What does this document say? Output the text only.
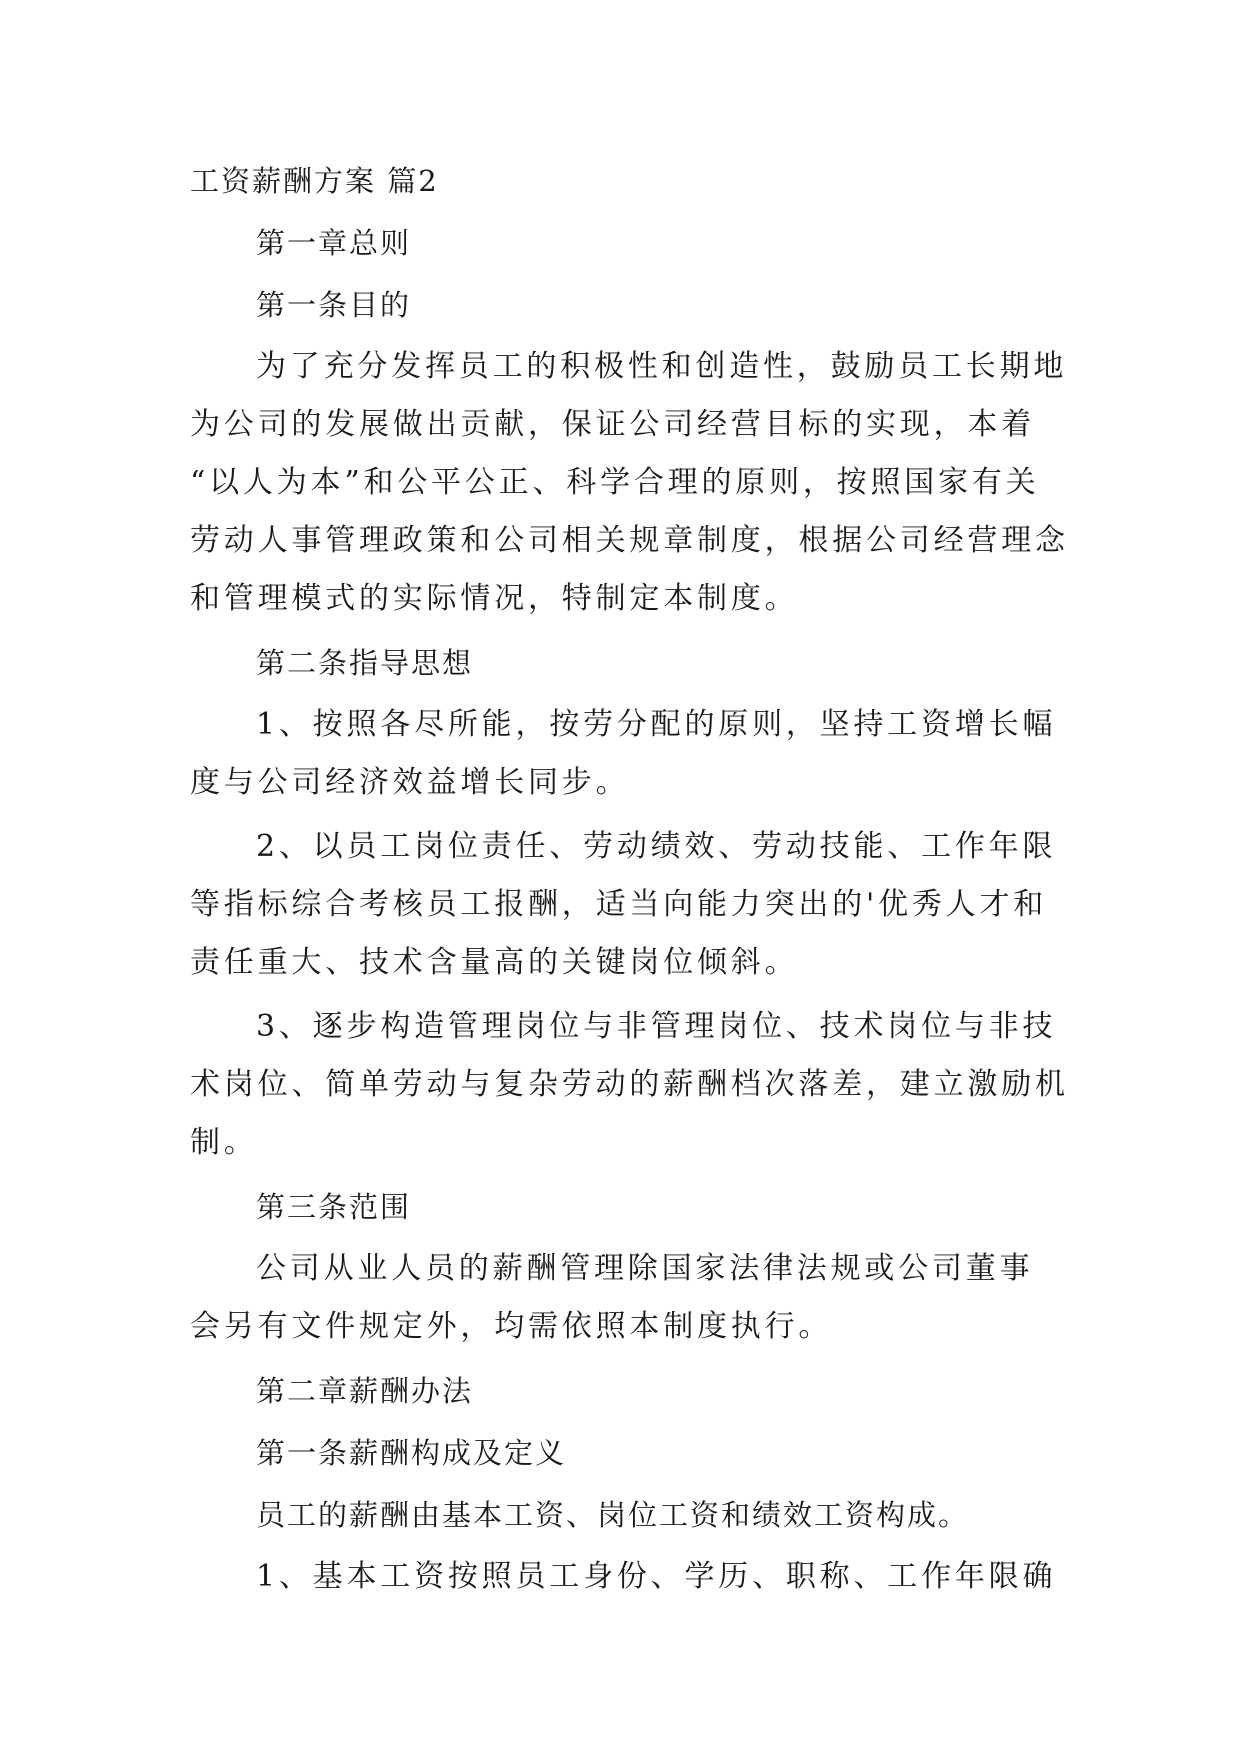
工资薪酬方案 篇2
第一章总则
第一条目的
为了充分发挥员工的积极性和创造性，鼓励员工长期地
为公司的发展做出贡献，保证公司经营目标的实现，本着
“以人为本”和公平公正、科学合理的原则，按照国家有关
劳动人事管理政策和公司相关规章制度，根据公司经营理念
和管理模式的实际情况，特制定本制度。
第二条指导思想
1、按照各尽所能，按劳分配的原则，坚持工资增长幅
度与公司经济效益增长同步。
2、以员工岗位责任、劳动绩效、劳动技能、工作年限
等指标综合考核员工报酬，适当向能力突出的'优秀人才和
责任重大、技术含量高的关键岗位倾斜。
3、逐步构造管理岗位与非管理岗位、技术岗位与非技
术岗位、简单劳动与复杂劳动的薪酬档次落差，建立激励机
制。
第三条范围
公司从业人员的薪酬管理除国家法律法规或公司董事
会另有文件规定外，均需依照本制度执行。
第二章薪酬办法
第一条薪酬构成及定义
员工的薪酬由基本工资、岗位工资和绩效工资构成。
1、基本工资按照员工身份、学历、职称、工作年限确
